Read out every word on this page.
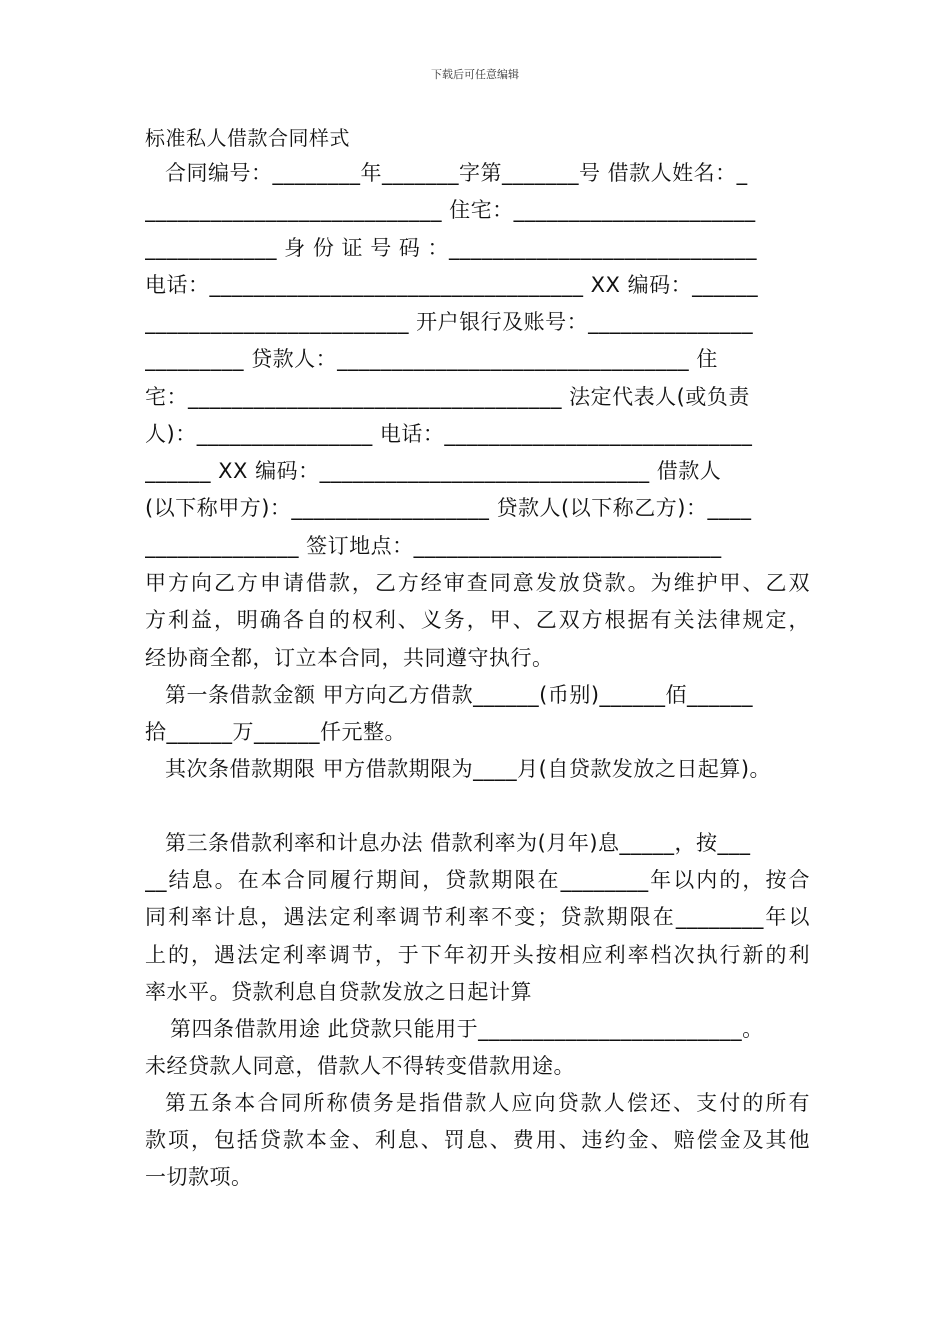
下载后可任意编辑
标准私人借款合同样式
合同编号：________年_______字第_______号 借款人姓名：_
___________________________ 住宅：______________________
____________ 身 份 证 号 码 ：____________________________
电话：__________________________________ XX 编码：______
________________________ 开户银行及账号：_______________
_________ 贷款人：________________________________ 住
宅：__________________________________ 法定代表人(或负责
人)：________________ 电话：____________________________
______ XX 编码：______________________________ 借款人
(以下称甲方)：__________________ 贷款人(以下称乙方)：____
______________ 签订地点：____________________________
甲方向乙方申请借款，乙方经审查同意发放贷款。为维护甲、乙双
方利益，明确各自的权利、义务，甲、乙双方根据有关法律规定，
经协商全都，订立本合同，共同遵守执行。
第一条借款金额 甲方向乙方借款______(币别)______佰______
拾______万______仟元整。
其次条借款期限 甲方借款期限为____月(自贷款发放之日起算)。
第三条借款利率和计息办法 借款利率为(月年)息_____，按___
__结息。在本合同履行期间，贷款期限在________年以内的，按合
同利率计息，遇法定利率调节利率不变；贷款期限在________年以
上的，遇法定利率调节，于下年初开头按相应利率档次执行新的利
率水平。贷款利息自贷款发放之日起计算
第四条借款用途 此贷款只能用于________________________。
未经贷款人同意，借款人不得转变借款用途。
第五条本合同所称债务是指借款人应向贷款人偿还、支付的所有
款项，包括贷款本金、利息、罚息、费用、违约金、赔偿金及其他
一切款项。
